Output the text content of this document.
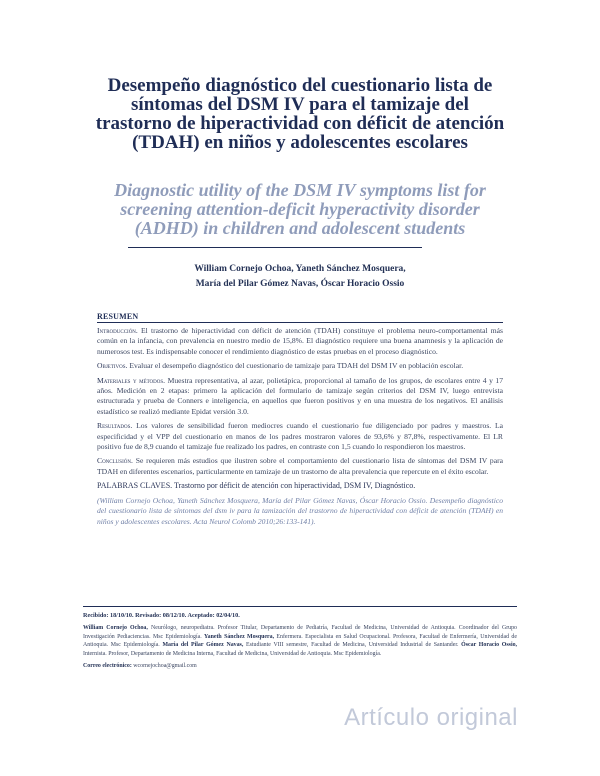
Desempeño diagnóstico del cuestionario lista de síntomas del DSM IV para el tamizaje del trastorno de hiperactividad con déficit de atención (TDAH) en niños y adolescentes escolares
Diagnostic utility of the DSM IV symptoms list for screening attention-deficit hyperactivity disorder (ADHD) in children and adolescent students
William Cornejo Ochoa, Yaneth Sánchez Mosquera,
María del Pilar Gómez Navas, Óscar Horacio Ossio
RESUMEN

Introducción. El trastorno de hiperactividad con déficit de atención (TDAH) constituye el problema neuro-comportamental más común en la infancia, con prevalencia en nuestro medio de 15,8%. El diagnóstico requiere una buena anamnesis y la aplicación de numerosos test. Es indispensable conocer el rendimiento diagnóstico de estas pruebas en el proceso diagnóstico.

Objetivos. Evaluar el desempeño diagnóstico del cuestionario de tamizaje para TDAH del DSM IV en población escolar.

Materiales y métodos. Muestra representativa, al azar, polietápica, proporcional al tamaño de los grupos, de escolares entre 4 y 17 años. Medición en 2 etapas: primero la aplicación del formulario de tamizaje según criterios del DSM IV, luego entrevista estructurada y prueba de Conners e inteligencia, en aquellos que fueron positivos y en una muestra de los negativos. El análisis estadístico se realizó mediante Epidat versión 3.0.

Resultados. Los valores de sensibilidad fueron mediocres cuando el cuestionario fue diligenciado por padres y maestros. La especificidad y el VPP del cuestionario en manos de los padres mostraron valores de 93,6% y 87,8%, respectivamente. El LR positivo fue de 8,9 cuando el tamizaje fue realizado los padres, en contraste con 1,5 cuando lo respondieron los maestros.

Conclusión. Se requieren más estudios que ilustren sobre el comportamiento del cuestionario lista de síntomas del DSM IV para TDAH en diferentes escenarios, particularmente en tamizaje de un trastorno de alta prevalencia que repercute en el éxito escolar.

PALABRAS CLAVES. Trastorno por déficit de atención con hiperactividad, DSM IV, Diagnóstico.

(William Cornejo Ochoa, Yaneth Sánchez Mosquera, María del Pilar Gómez Navas, Óscar Horacio Ossio. Desempeño diagnóstico del cuestionario lista de síntomas del dsm iv para la tamización del trastorno de hiperactividad con déficit de atención (TDAH) en niños y adolescentes escolares. Acta Neurol Colomb 2010;26:133-141).

Recibido: 18/10/10. Revisado: 08/12/10. Aceptado: 02/04/10.

William Cornejo Ochoa, Neurólogo, neuropediatra. Profesor Titular, Departamento de Pediatría, Facultad de Medicina, Universidad de Antioquia. Coordinador del Grupo Investigación Pediaciencias. Msc Epidemiología. Yaneth Sánchez Mosquera, Enfermera. Especialista en Salud Ocupacional. Profesora, Facultad de Enfermería, Universidad de Antioquia. Msc Epidemiología. María del Pilar Gómez Navas, Estudiante VIII semestre, Facultad de Medicina, Universidad Industrial de Santander. Óscar Horacio Ossio, Internista. Profesor, Departamento de Medicina Interna, Facultad de Medicina, Universidad de Antioquia. Msc Epidemiología.

Correo electrónico: wcornejochoa@gmail.com

Artículo original
